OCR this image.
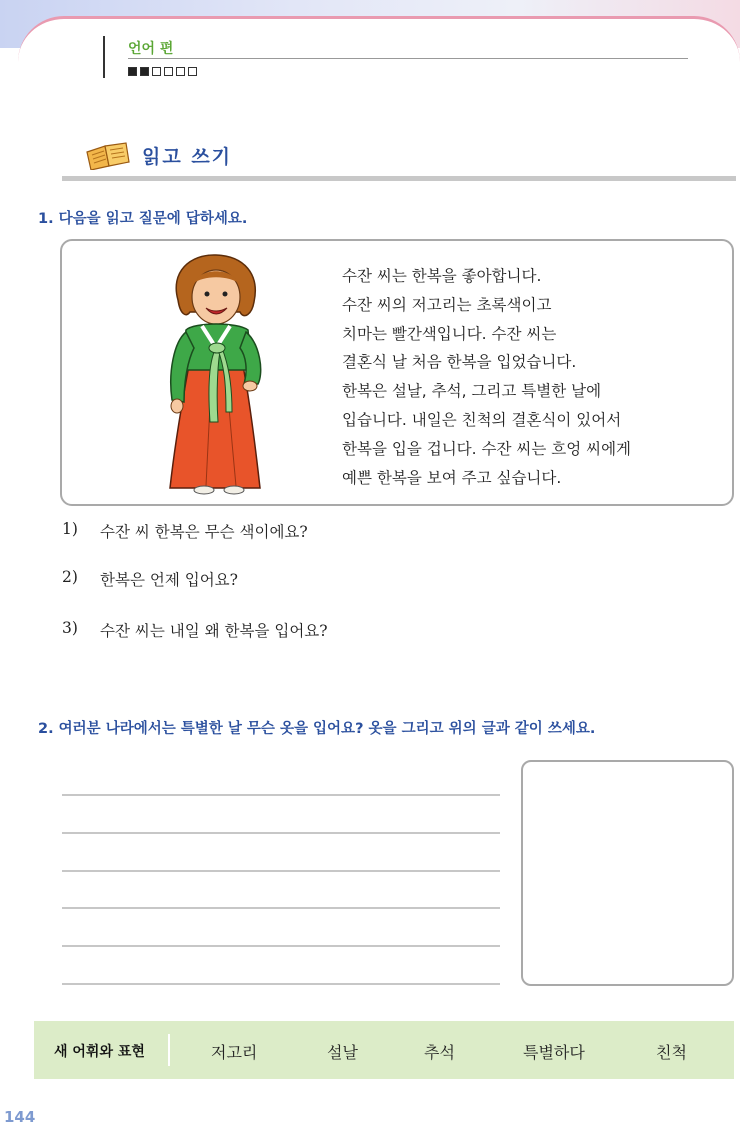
언어 편
읽고 쓰기
1. 다음을 읽고 질문에 답하세요.
수잔 씨는 한복을 좋아합니다.
수잔 씨의 저고리는 초록색이고
치마는 빨간색입니다. 수잔 씨는
결혼식 날 처음 한복을 입었습니다.
한복은 설날, 추석, 그리고 특별한 날에
입습니다. 내일은 친척의 결혼식이 있어서
한복을 입을 겁니다. 수잔 씨는 흐엉 씨에게
예쁜 한복을 보여 주고 싶습니다.
1)	수잔 씨 한복은 무슨 색이에요?
2)	한복은 언제 입어요?
3)	수잔 씨는 내일 왜 한복을 입어요?
2. 여러분 나라에서는 특별한 날 무슨 옷을 입어요? 옷을 그리고 위의 글과 같이 쓰세요.
새 어휘와 표현	저고리	설날	추석	특별하다	친척
144
